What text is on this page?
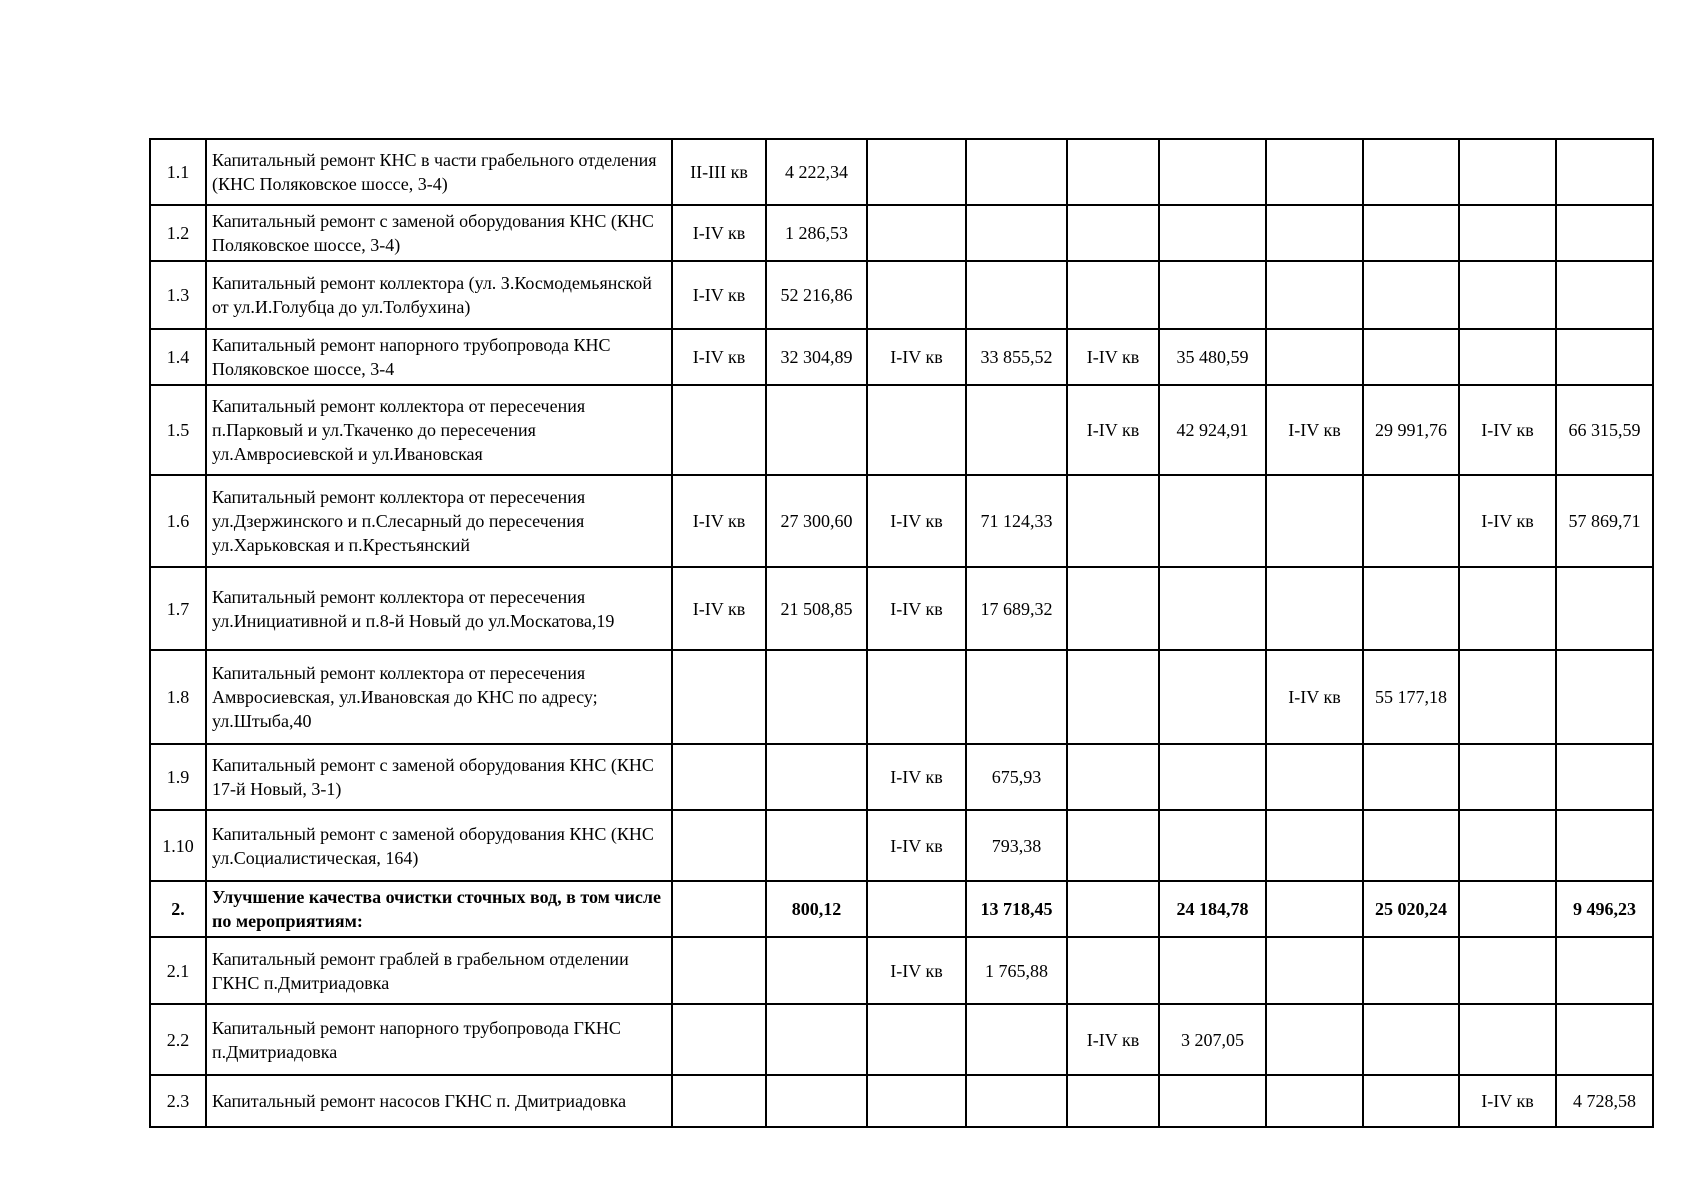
1.1	Капитальный ремонт КНС в части грабельного отделения (КНС Поляковское шоссе, 3-4)	II-III кв	4 222,34								
1.2	Капитальный ремонт с заменой оборудования КНС (КНС Поляковское шоссе, 3-4)	I-IV кв	1 286,53								
1.3	Капитальный ремонт коллектора (ул. З.Космодемьянской от ул.И.Голубца до ул.Толбухина)	I-IV кв	52 216,86								
1.4	Капитальный ремонт напорного трубопровода КНС Поляковское шоссе, 3-4	I-IV кв	32 304,89	I-IV кв	33 855,52	I-IV кв	35 480,59				
1.5	Капитальный ремонт коллектора от пересечения п.Парковый и ул.Ткаченко до пересечения ул.Амвросиевской и ул.Ивановская					I-IV кв	42 924,91	I-IV кв	29 991,76	I-IV кв	66 315,59
1.6	Капитальный ремонт коллектора от пересечения ул.Дзержинского и п.Слесарный до пересечения ул.Харьковская и п.Крестьянский	I-IV кв	27 300,60	I-IV кв	71 124,33					I-IV кв	57 869,71
1.7	Капитальный ремонт коллектора от пересечения ул.Инициативной и п.8-й Новый до ул.Москатова,19	I-IV кв	21 508,85	I-IV кв	17 689,32						
1.8	Капитальный ремонт коллектора от пересечения Амвросиевская, ул.Ивановская до КНС по адресу; ул.Штыба,40							I-IV кв	55 177,18		
1.9	Капитальный ремонт с заменой оборудования КНС (КНС 17-й Новый, 3-1)			I-IV кв	675,93						
1.10	Капитальный ремонт с заменой оборудования КНС (КНС ул.Социалистическая, 164)			I-IV кв	793,38						
2.	Улучшение качества очистки сточных вод, в том числе по мероприятиям:		800,12		13 718,45		24 184,78		25 020,24		9 496,23
2.1	Капитальный ремонт граблей в грабельном отделении ГКНС п.Дмитриадовка			I-IV кв	1 765,88						
2.2	Капитальный ремонт напорного трубопровода ГКНС п.Дмитриадовка					I-IV кв	3 207,05				
2.3	Капитальный ремонт насосов ГКНС п. Дмитриадовка									I-IV кв	4 728,58
